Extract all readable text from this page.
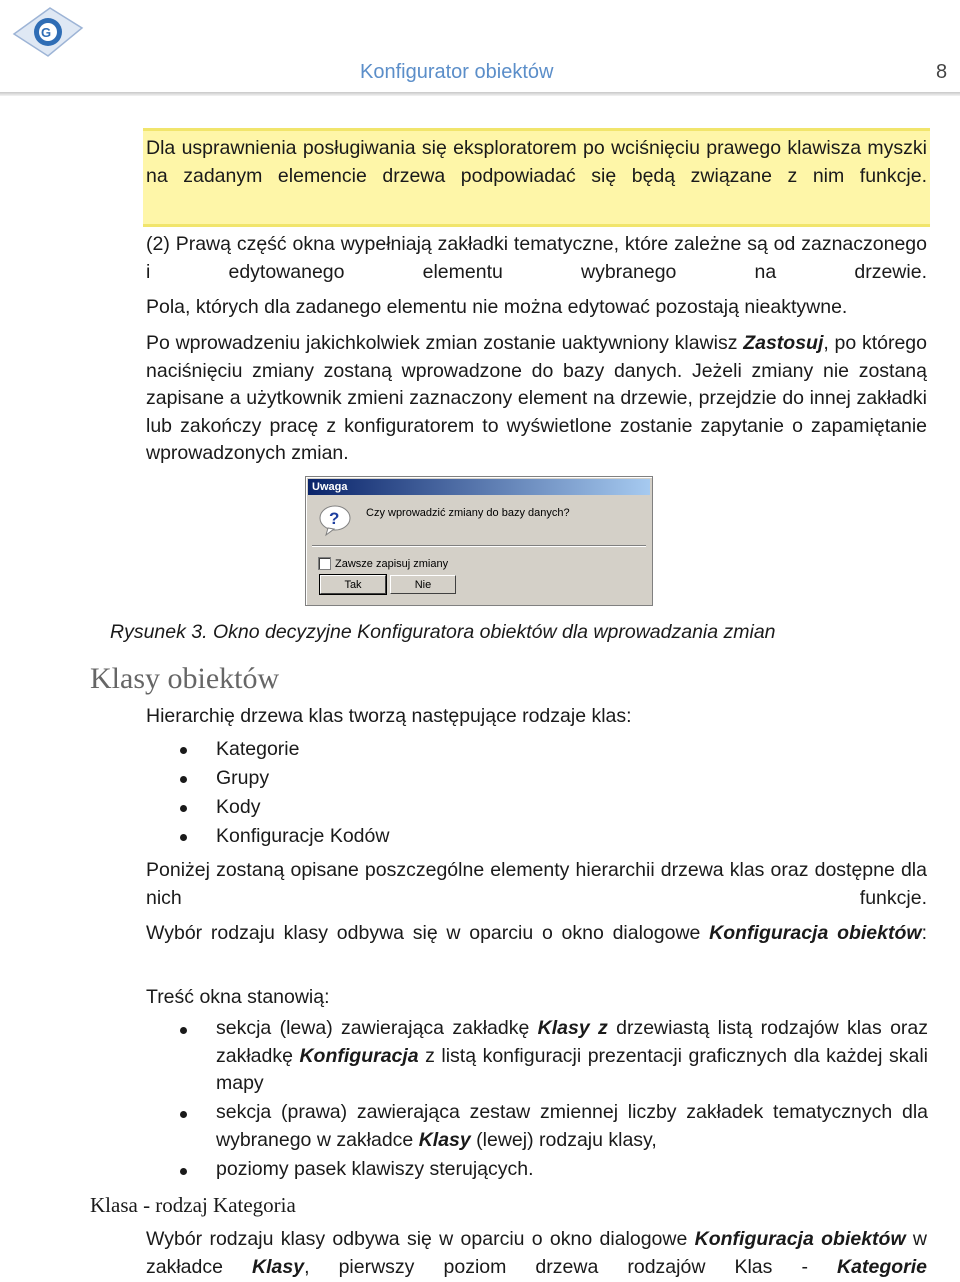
G
Konfigurator obiektów	8

Dla usprawnienia posługiwania się eksploratorem po wciśnięciu prawego klawisza myszki na zadanym elemencie drzewa podpowiadać się będą związane z nim funkcje.

(2) Prawą część okna wypełniają zakładki tematyczne, które zależne są od zaznaczonego i edytowanego elementu wybranego na drzewie.

Pola, których dla zadanego elementu nie można edytować pozostają nieaktywne.

Po wprowadzeniu jakichkolwiek zmian zostanie uaktywniony klawisz Zastosuj, po którego naciśnięciu zmiany zostaną wprowadzone do bazy danych. Jeżeli zmiany nie zostaną zapisane a użytkownik zmieni zaznaczony element na drzewie, przejdzie do innej zakładki lub zakończy pracę z konfiguratorem to wyświetlone zostanie zapytanie o zapamiętanie wprowadzonych zmian.

Uwaga
? Czy wprowadzić zmiany do bazy danych?
Zawsze zapisuj zmiany
Tak	Nie
Rysunek 3. Okno decyzyjne Konfiguratora obiektów dla wprowadzania zmian
Klasy obiektów

Hierarchię drzewa klas tworzą następujące rodzaje klas:

Kategorie
Grupy
Kody
Konfiguracje Kodów

Poniżej zostaną opisane poszczególne elementy hierarchii drzewa klas oraz dostępne dla nich funkcje.

Wybór rodzaju klasy odbywa się w oparciu o okno dialogowe Konfiguracja obiektów:

Treść okna stanowią:

sekcja (lewa) zawierająca zakładkę Klasy z drzewiastą listą rodzajów klas oraz zakładkę Konfiguracja z listą konfiguracji prezentacji graficznych dla każdej skali mapy
sekcja (prawa) zawierająca zestaw zmiennej liczby zakładek tematycznych dla wybranego w zakładce Klasy (lewej) rodzaju klasy,
poziomy pasek klawiszy sterujących.
Klasa - rodzaj Kategoria

Wybór rodzaju klasy odbywa się w oparciu o okno dialogowe Konfiguracja obiektów w zakładce Klasy, pierwszy poziom drzewa rodzajów Klas - Kategorie
